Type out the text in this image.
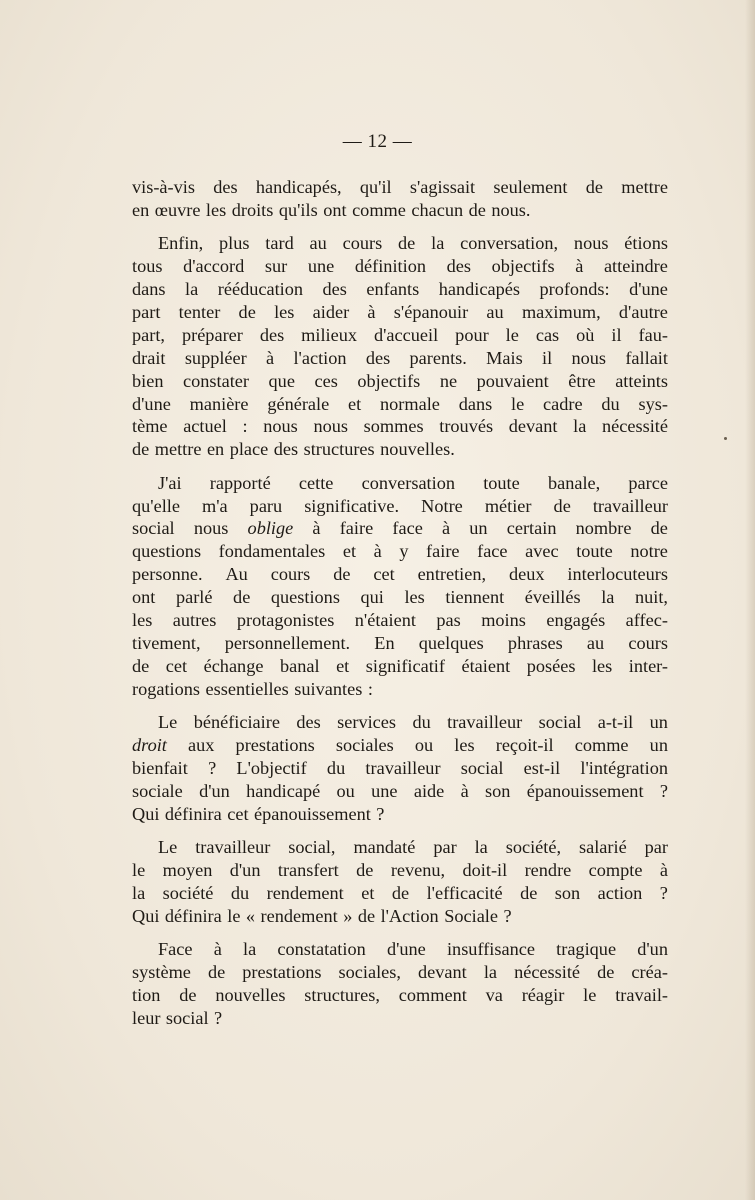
— 12 —
vis-à-vis des handicapés, qu'il s'agissait seulement de mettre
en œuvre les droits qu'ils ont comme chacun de nous.
Enfin, plus tard au cours de la conversation, nous étions
tous d'accord sur une définition des objectifs à atteindre
dans la rééducation des enfants handicapés profonds: d'une
part tenter de les aider à s'épanouir au maximum, d'autre
part, préparer des milieux d'accueil pour le cas où il fau-
drait suppléer à l'action des parents. Mais il nous fallait
bien constater que ces objectifs ne pouvaient être atteints
d'une manière générale et normale dans le cadre du sys-
tème actuel : nous nous sommes trouvés devant la nécessité
de mettre en place des structures nouvelles.
J'ai rapporté cette conversation toute banale, parce
qu'elle m'a paru significative. Notre métier de travailleur
social nous oblige à faire face à un certain nombre de
questions fondamentales et à y faire face avec toute notre
personne. Au cours de cet entretien, deux interlocuteurs
ont parlé de questions qui les tiennent éveillés la nuit,
les autres protagonistes n'étaient pas moins engagés affec-
tivement, personnellement. En quelques phrases au cours
de cet échange banal et significatif étaient posées les inter-
rogations essentielles suivantes :
Le bénéficiaire des services du travailleur social a-t-il un
droit aux prestations sociales ou les reçoit-il comme un
bienfait ? L'objectif du travailleur social est-il l'intégration
sociale d'un handicapé ou une aide à son épanouissement ?
Qui définira cet épanouissement ?
Le travailleur social, mandaté par la société, salarié par
le moyen d'un transfert de revenu, doit-il rendre compte à
la société du rendement et de l'efficacité de son action ?
Qui définira le « rendement » de l'Action Sociale ?
Face à la constatation d'une insuffisance tragique d'un
système de prestations sociales, devant la nécessité de créa-
tion de nouvelles structures, comment va réagir le travail-
leur social ?
